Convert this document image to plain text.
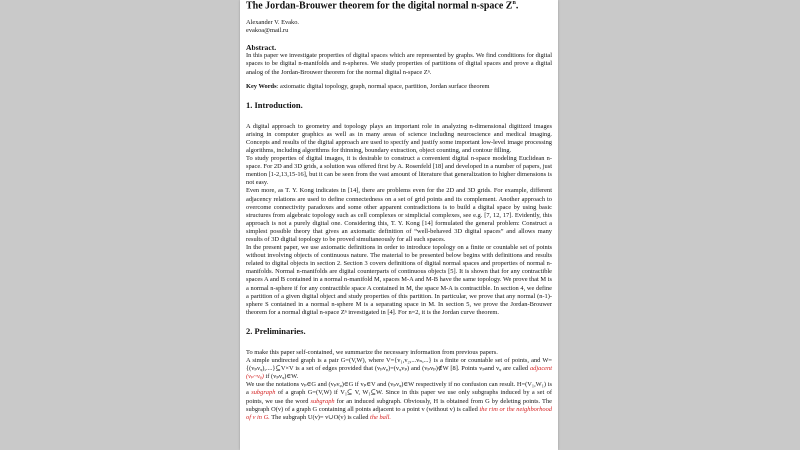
The Jordan-Brouwer theorem for the digital normal n-space $Z^n$.
Alexander V. Evako.
evakoa@mail.ru
Abstract.

In this paper we investigate properties of digital spaces which are represented by graphs. We find conditions for digital spaces to be digital n-manifolds and n-spheres. We study properties of partitions of digital spaces and prove a digital analog of the Jordan-Brouwer theorem for the normal digital n-space Zⁿ.

Key Words: axiomatic digital topology, graph, normal space, partition, Jordan surface theorem

1. Introduction.

A digital approach to geometry and topology plays an important role in analyzing n-dimensional digitized images arising in computer graphics as well as in many areas of science including neuroscience and medical imaging. Concepts and results of the digital approach are used to specify and justify some important low-level image processing algorithms, including algorithms for thinning, boundary extraction, object counting, and contour filling.

To study properties of digital images, it is desirable to construct a convenient digital n-space modeling Euclidean n-space. For 2D and 3D grids, a solution was offered first by A. Rosenfeld [18] and developed in a number of papers, just mention [1-2,13,15-16], but it can be seen from the vast amount of literature that generalization to higher dimensions is not easy.

Even more, as T. Y. Kong indicates in [14], there are problems even for the 2D and 3D grids. For example, different adjacency relations are used to define connectedness on a set of grid points and its complement. Another approach to overcome connectivity paradoxes and some other apparent contradictions is to build a digital space by using basic structures from algebraic topology such as cell complexes or simplicial complexes, see e.g. [7, 12, 17]. Evidently, this approach is not a purely digital one. Considering this, T. Y. Kong [14] formulated the general problem: Construct a simplest possible theory that gives an axiomatic definition of “well-behaved 3D digital spaces” and allows many results of 3D digital topology to be proved simultaneously for all such spaces.

In the present paper, we use axiomatic definitions in order to introduce topology on a finite or countable set of points without involving objects of continuous nature. The material to be presented below begins with definitions and results related to digital objects in section 2. Section 3 covers definitions of digital normal spaces and properties of normal n-manifolds. Normal n-manifolds are digital counterparts of continuous objects [5]. It is shown that for any contractible spaces A and B contained in a normal n-manifold M, spaces M-A and M-B have the same topology. We prove that M is a normal n-sphere if for any contractible space A contained in M, the space M-A is contractible. In section 4, we define a partition of a given digital object and study properties of this partition. In particular, we prove that any normal (n-1)-sphere S contained in a normal n-sphere M is a separating space in M. In section 5, we prove the Jordan-Brouwer theorem for a normal digital n-space Zⁿ investigated in [4]. For n=2, it is the Jordan curve theorem.

2. Preliminaries.

To make this paper self-contained, we summarize the necessary information from previous papers.

A simple undirected graph is a pair G=(V,W), where V={v₁,v₂,...vₙ,...} is a finite or countable set of points, and W={(vₚvᵩ),....}⊆V×V is a set of edges provided that (vₚvᵩ)=(vᵩvₚ) and (vₚvₚ)∉W [8]. Points vₚand vᵩ are called adjacent (vₚ~vᵩ) if (vₚvᵩ)∈W.

We use the notations vₚ∈G and (vₚvᵩ)∈G if vₚ∈V and (vₚvᵩ)∈W respectively if no confusion can result. H=(V₁,W₁) is a subgraph of a graph G=(V,W) if V₁⊆ V, W₁⊆W. Since in this paper we use only subgraphs induced by a set of points, we use the word subgraph for an induced subgraph. Obviously, H is obtained from G by deleting points. The subgraph O(v) of a graph G containing all points adjacent to a point v (without v) is called the rim or the neighborhood of v in G. The subgraph U(v)= v∪O(v) is called the ball.
